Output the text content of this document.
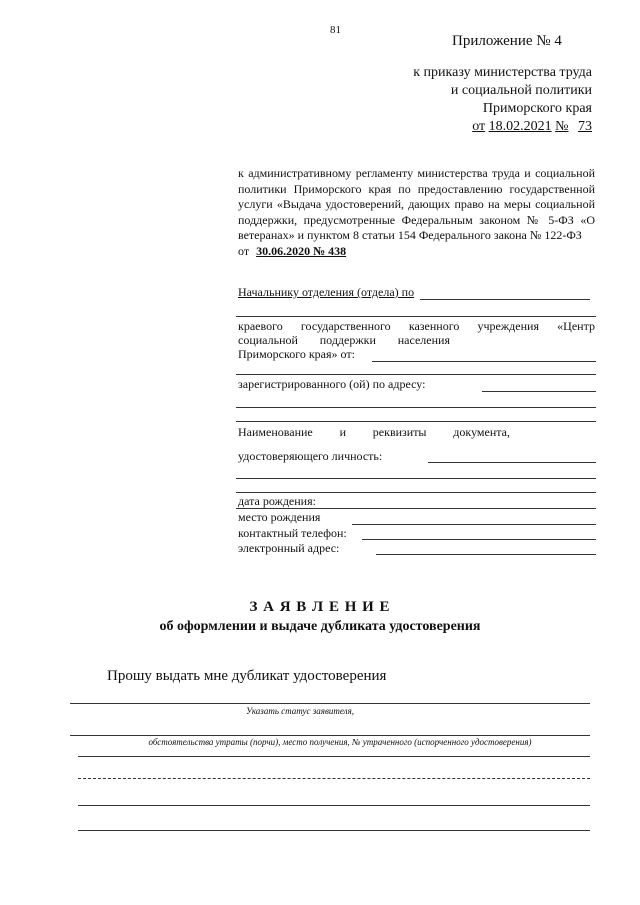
81
Приложение № 4
к приказу министерства труда
и социальной политики
Приморского края
от 18.02.2021 № 73
к административному регламенту министерства труда и социальной политики Приморского края по предоставлению государственной услуги «Выдача удостоверений, дающих право на меры социальной поддержки, предусмотренные Федеральным законом № 5-ФЗ «О ветеранах» и пунктом 8 статьи 154 Федерального закона № 122-ФЗ
от 30.06.2020 № 438
Начальнику отделения (отдела) по
краевого государственного казенного учреждения «Центр
социальной поддержки населения
Приморского края» от:
зарегистрированного (ой) по адресу:
Наименование и реквизиты документа,
удостоверяющего личность:
дата рождения:
место рождения
контактный телефон:
электронный адрес:
З А Я В Л Е Н И Е
об оформлении и выдаче дубликата удостоверения
Прошу выдать мне дубликат удостоверения
Указать статус заявителя,
обстоятельства утраты (порчи), место получения, № утраченного (испорченного удостоверения)
